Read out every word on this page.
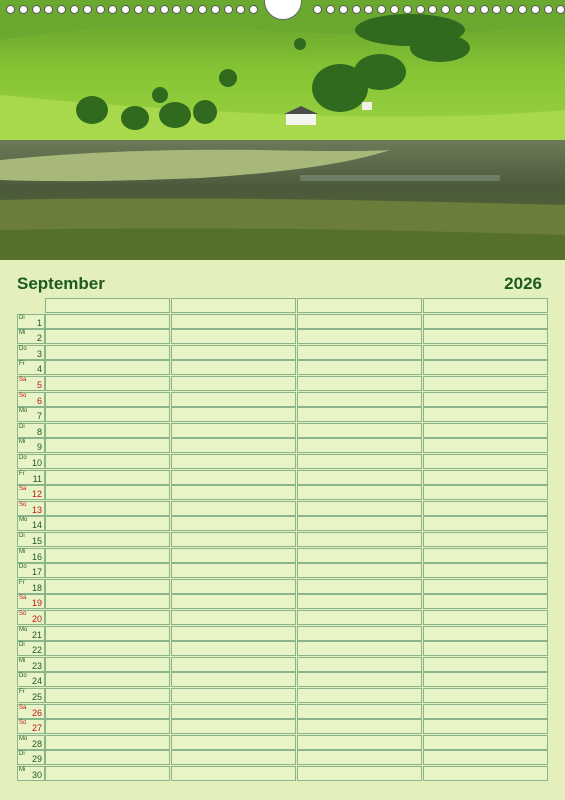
September	2026
Di 1
Mi 2
Do 3
Fr 4
Sa 5
So 6
Mo 7
Di 8
Mi 9
Do 10
Fr 11
Sa 12
So 13
Mo 14
Di 15
Mi 16
Do 17
Fr 18
Sa 19
So 20
Mo 21
Di 22
Mi 23
Do 24
Fr 25
Sa 26
So 27
Mo 28
Di 29
Mi 30
